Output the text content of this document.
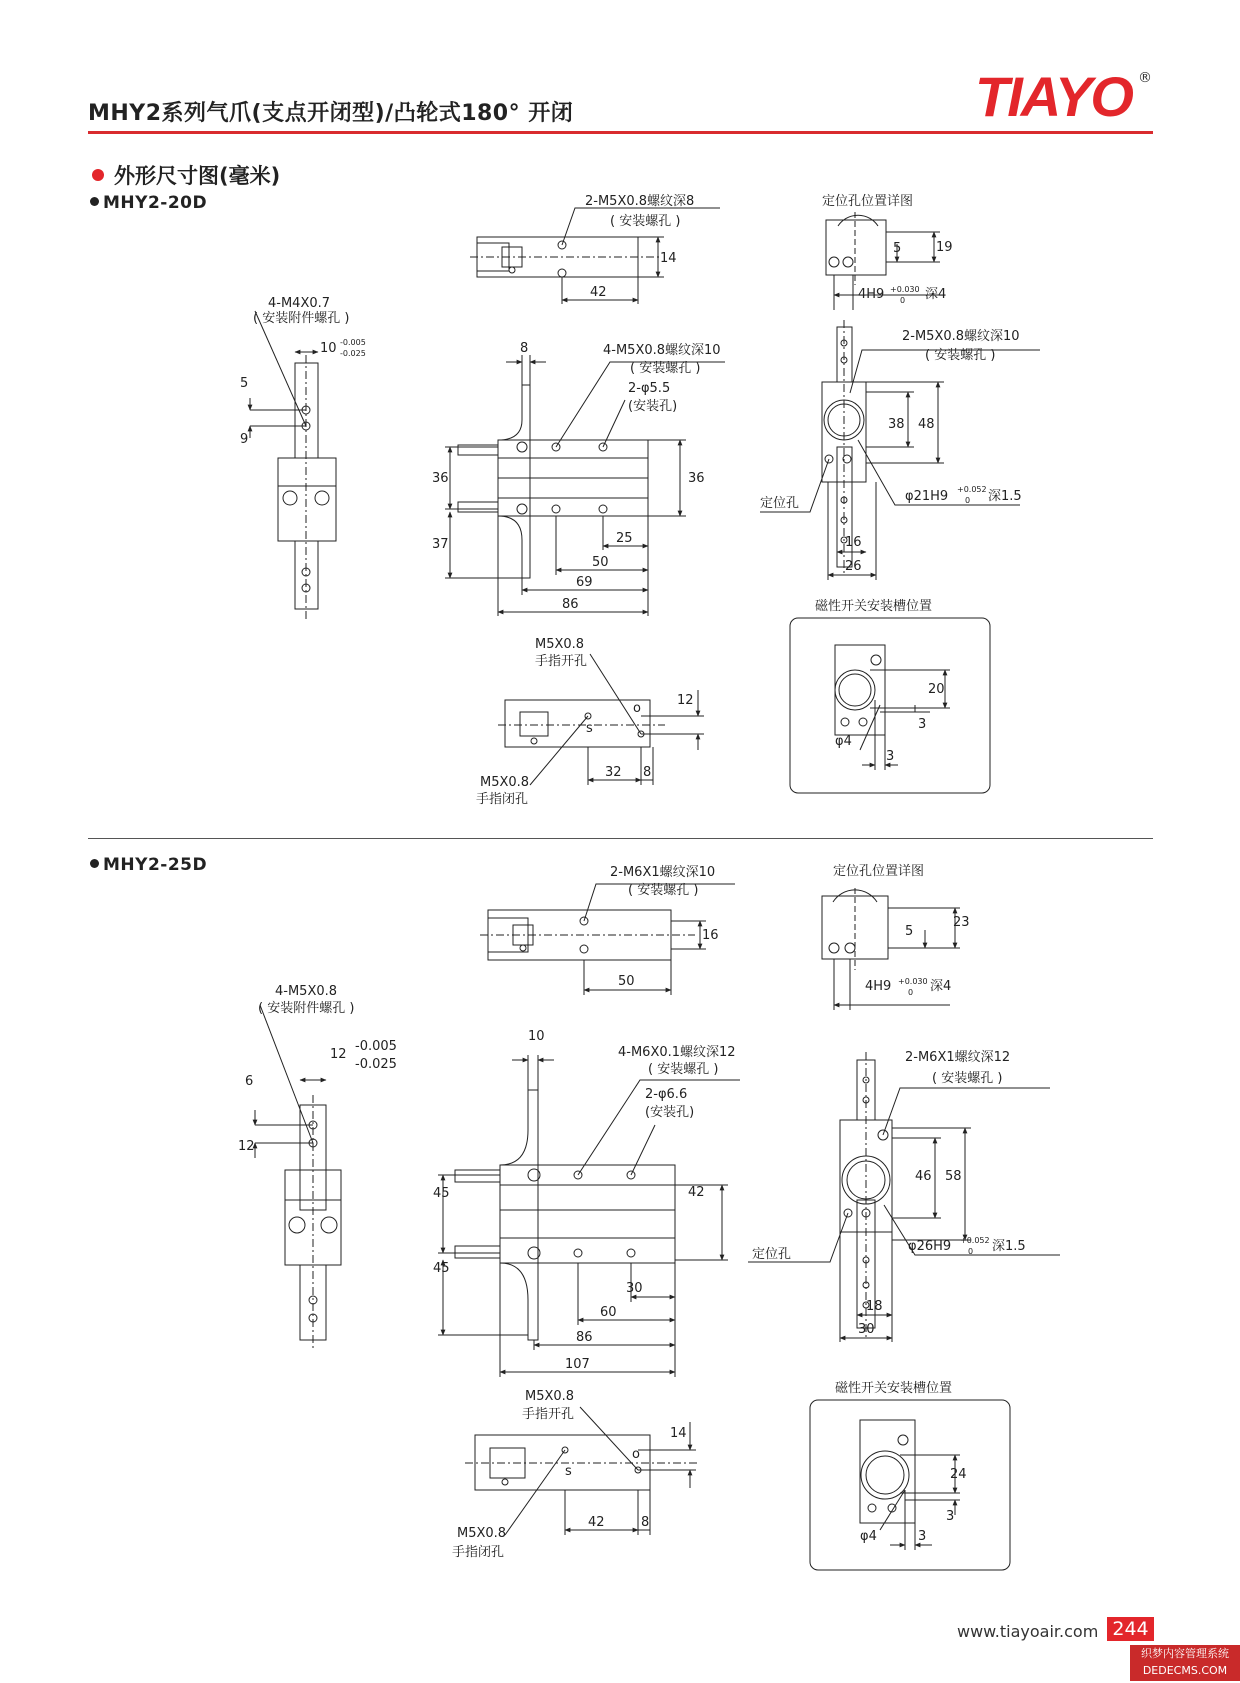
MHY2系列气爪(支点开闭型)/凸轮式180° 开闭	TIAYO ®
外形尺寸图(毫米)
MHY2-20D
MHY2-25D
2-M5X0.8螺纹深8
( 安装螺孔 )
14
42
定位孔位置详图
5	19
4H9 +0.030
0 深4
4-M4X0.7
( 安装附件螺孔 )
10 -0.005
-0.025
5
9
8	4-M5X0.8螺纹深10
( 安装螺孔 )
2-φ5.5
(安装孔)
36	36
37	25
50
69
86
2-M5X0.8螺纹深10
( 安装螺孔 )
38 48
定位孔	φ21H9 +0.052
0 深1.5
16
26
磁性开关安装槽位置
20
3
φ4
3
M5X0.8
手指开孔
M5X0.8
手指闭孔
12
32 8
o
s
2-M6X1螺纹深10
( 安装螺孔 )
16
50
定位孔位置详图
5
23
4H9 +0.030
0 深4
4-M5X0.8
( 安装附件螺孔 )
12
-0.005
-0.025
6
12
10
4-M6X0.1螺纹深12
( 安装螺孔 )
2-φ6.6
(安装孔)
45	42
45
30
60
86
107
2-M6X1螺纹深12
( 安装螺孔 )
46 58
定位孔
φ26H9 +0.052
0 深1.5
18
30
磁性开关安装槽位置
24
3
φ4	3
M5X0.8
手指开孔
M5X0.8
手指闭孔
14
42	8
o
s
www.tiayoair.com 244
织梦内容管理系统
DEDECMS.COM
